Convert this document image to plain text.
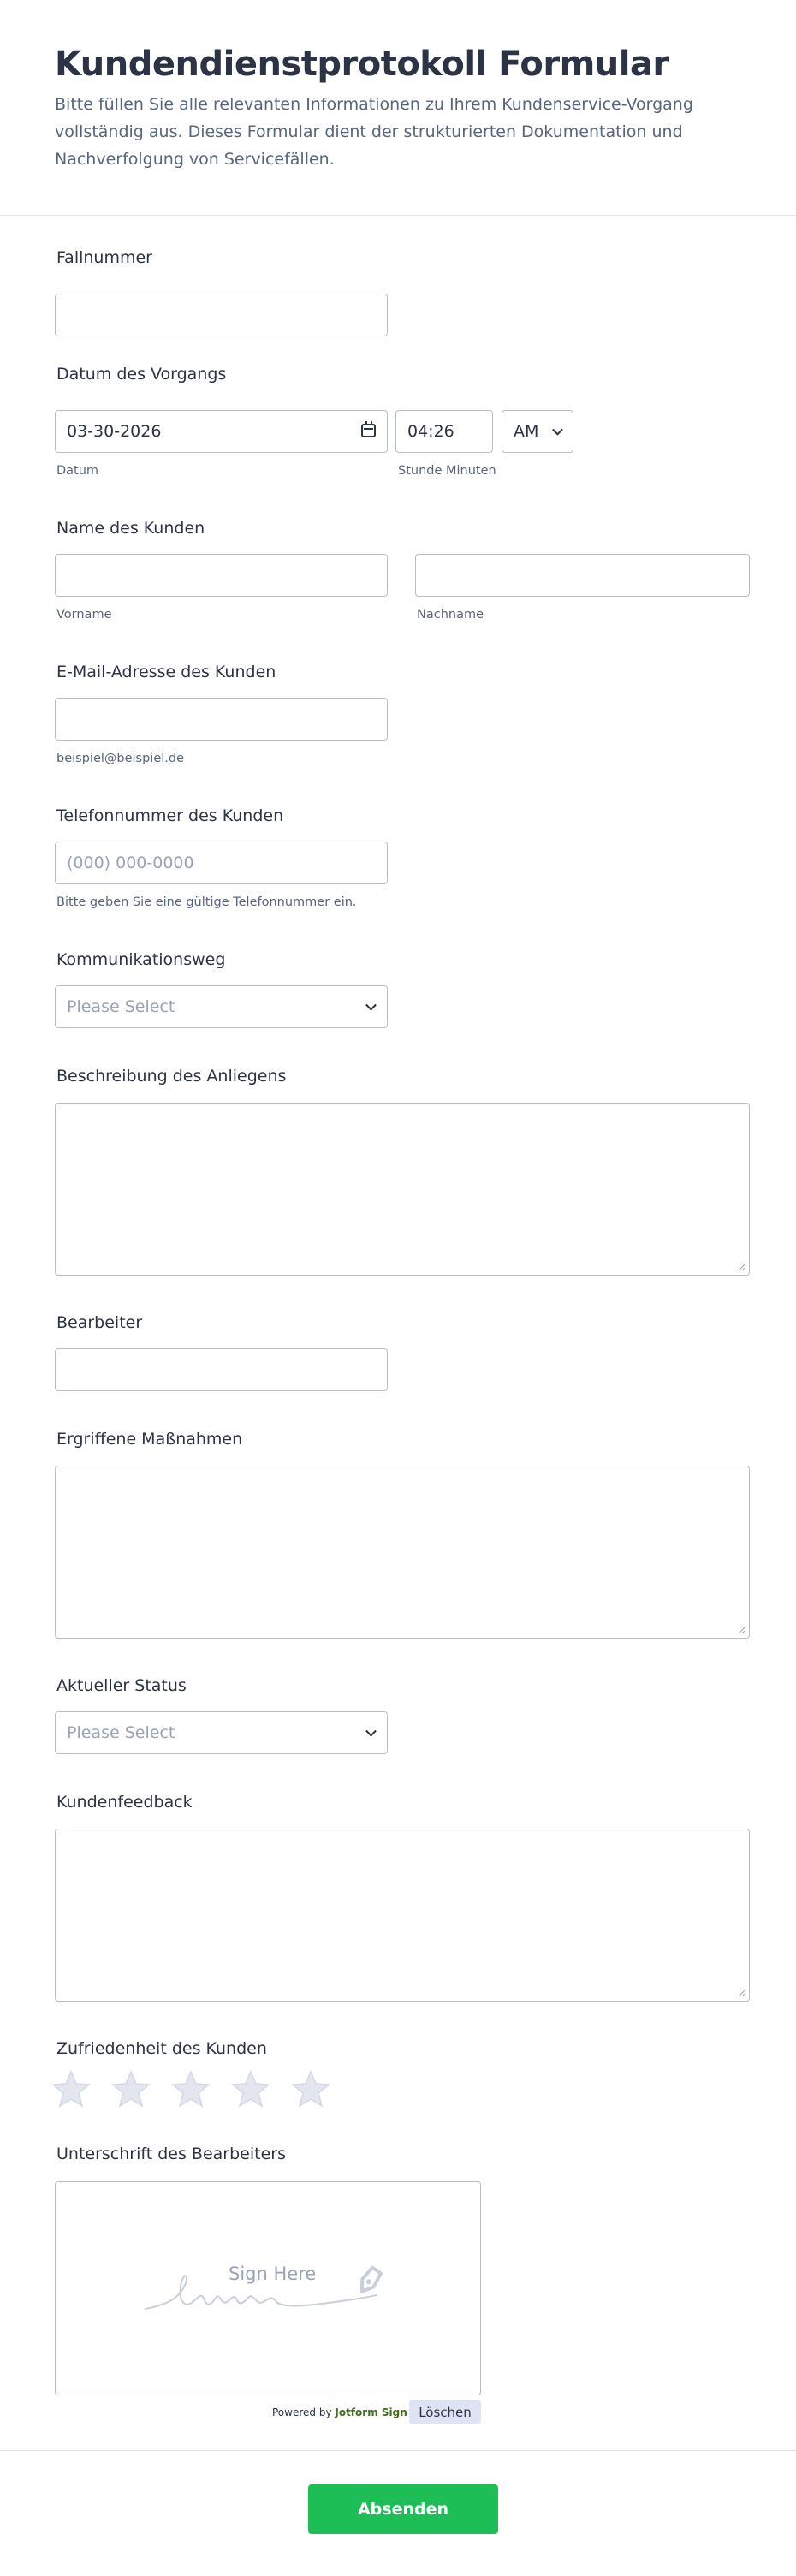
Kundendienstprotokoll Formular
Bitte füllen Sie alle relevanten Informationen zu Ihrem Kundenservice-Vorgang vollständig aus. Dieses Formular dient der strukturierten Dokumentation und Nachverfolgung von Servicefällen.
Fallnummer
Datum des Vorgangs
03-30-2026
Datum
04:26
Stunde Minuten
AM
Name des Kunden
Vorname	Nachname
E-Mail-Adresse des Kunden
beispiel@beispiel.de
Telefonnummer des Kunden
(000) 000-0000
Bitte geben Sie eine gültige Telefonnummer ein.
Kommunikationsweg
Please Select
Beschreibung des Anliegens
Bearbeiter
Ergriffene Maßnahmen
Aktueller Status
Please Select
Kundenfeedback
Zufriedenheit des Kunden
Unterschrift des Bearbeiters
Sign Here
Powered by Jotform Sign Löschen
Absenden
